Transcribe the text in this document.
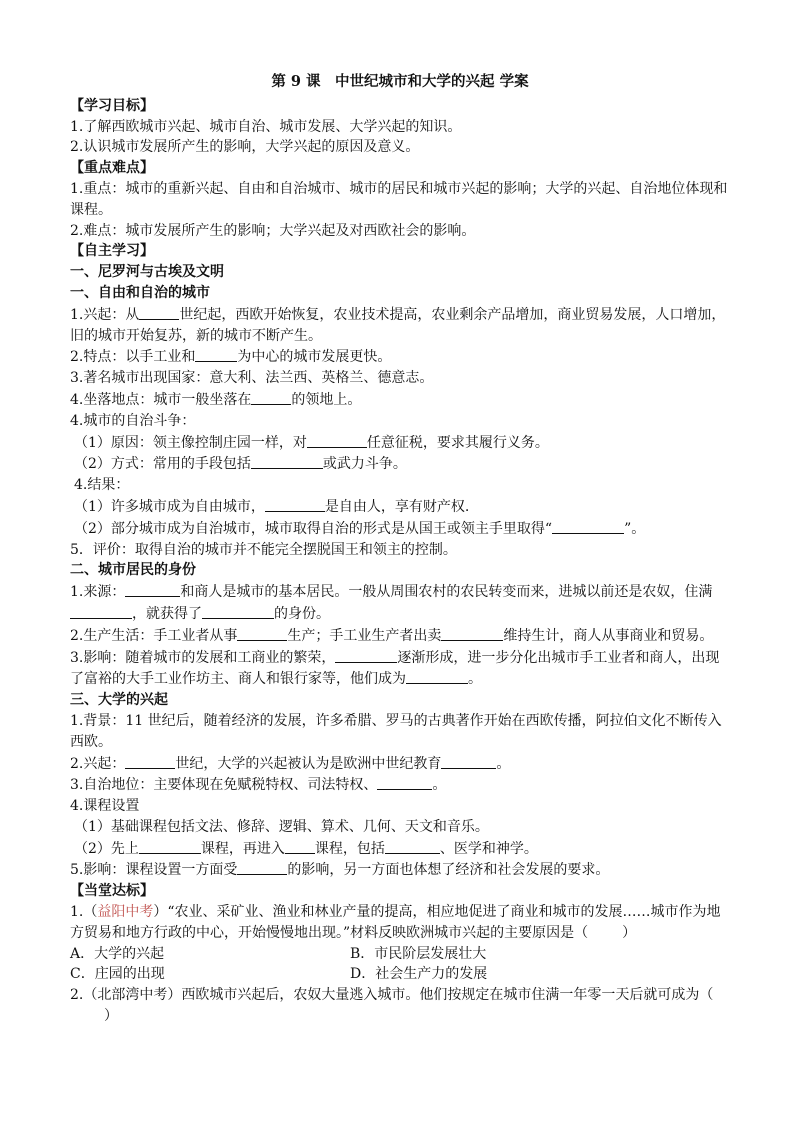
第 9 课　中世纪城市和大学的兴起 学案

【学习目标】

1.了解西欧城市兴起、城市自治、城市发展、大学兴起的知识。

2.认识城市发展所产生的影响，大学兴起的原因及意义。

【重点难点】

1.重点：城市的重新兴起、自由和自治城市、城市的居民和城市兴起的影响；大学的兴起、自治地位体现和课程。

2.难点：城市发展所产生的影响；大学兴起及对西欧社会的影响。

【自主学习】

一、尼罗河与古埃及文明

一、自由和自治的城市

1.兴起：从	世纪起，西欧开始恢复，农业技术提高，农业剩余产品增加，商业贸易发展，人口增加，旧的城市开始复苏，新的城市不断产生。

2.特点：以手工业和	为中心的城市发展更快。

3.著名城市出现国家：意大利、法兰西、英格兰、德意志。

4.坐落地点：城市一般坐落在	的领地上。

4.城市的自治斗争：

（1）原因：领主像控制庄园一样，对	任意征税，要求其履行义务。

（2）方式：常用的手段包括	或武力斗争。

4.结果：

（1）许多城市成为自由城市，	是自由人，享有财产权.

（2）部分城市成为自治城市，城市取得自治的形式是从国王或领主手里取得“	”。

5．评价：取得自治的城市并不能完全摆脱国王和领主的控制。

二、城市居民的身份

1.来源：	和商人是城市的基本居民。一般从周围农村的农民转变而来，进城以前还是农奴，住满，就获得了	的身份。

2.生产生活：手工业者从事	生产；手工业生产者出卖	维持生计，商人从事商业和贸易。

3.影响：随着城市的发展和工商业的繁荣，	逐渐形成，进一步分化出城市手工业者和商人，出现了富裕的大手工业作坊主、商人和银行家等，他们成为	。

三、大学的兴起

1.背景：11 世纪后，随着经济的发展，许多希腊、罗马的古典著作开始在西欧传播，阿拉伯文化不断传入西欧。

2.兴起：	世纪，大学的兴起被认为是欧洲中世纪教育	。

3.自治地位：主要体现在免赋税特权、司法特权、	。

4.课程设置

（1）基础课程包括文法、修辞、逻辑、算术、几何、天文和音乐。

（2）先上	课程，再进入 课程，包括	、医学和神学。

5.影响：课程设置一方面受	的影响，另一方面也体想了经济和社会发展的要求。

【当堂达标】

1.（益阳中考）“农业、采矿业、渔业和林业产量的提高，相应地促进了商业和城市的发展……城市作为地方贸易和地方行政的中心，开始慢慢地出现。”材料反映欧洲城市兴起的主要原因是（ ）

A．大学的兴起	B．市民阶层发展壮大
C．庄园的出现	D．社会生产力的发展

2.（北部湾中考）西欧城市兴起后，农奴大量逃入城市。他们按规定在城市住满一年零一天后就可成为（）
